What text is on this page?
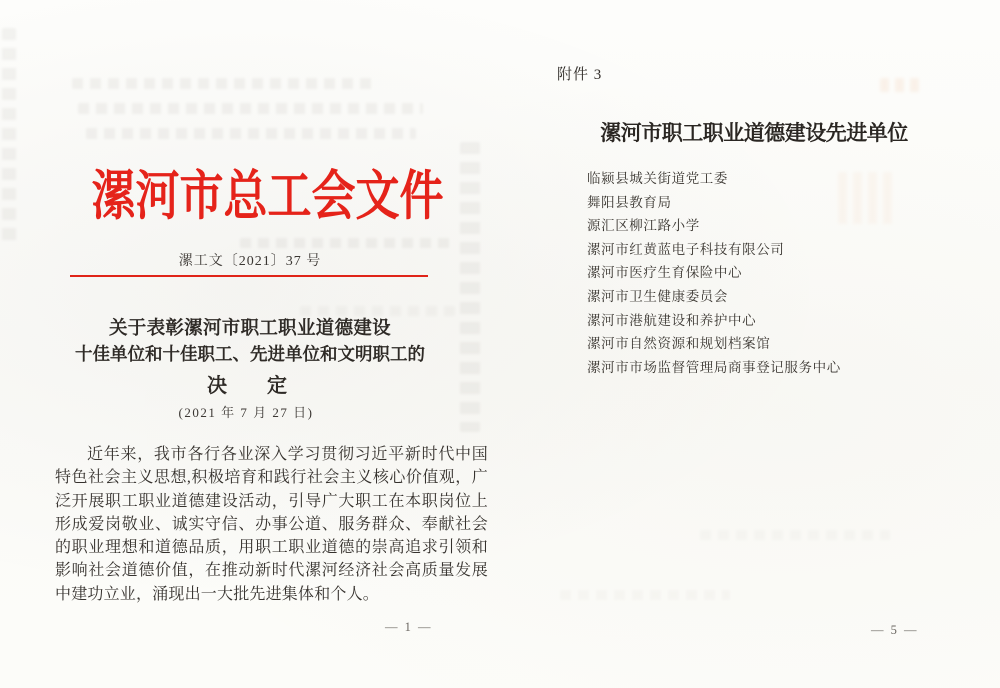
漯河市总工会文件
漯工文〔2021〕37 号
关于表彰漯河市职工职业道德建设
十佳单位和十佳职工、先进单位和文明职工的
决　　定
(2021 年 7 月 27 日)
近年来，我市各行各业深入学习贯彻习近平新时代中国特色社会主义思想,积极培育和践行社会主义核心价值观，广泛开展职工职业道德建设活动，引导广大职工在本职岗位上形成爱岗敬业、诚实守信、办事公道、服务群众、奉献社会的职业理想和道德品质，用职工职业道德的崇高追求引领和影响社会道德价值，在推动新时代漯河经济社会高质量发展中建功立业，涌现出一大批先进集体和个人。
— 1 —
附件 3
漯河市职工职业道德建设先进单位
临颍县城关街道党工委
舞阳县教育局
源汇区柳江路小学
漯河市红黄蓝电子科技有限公司
漯河市医疗生育保险中心
漯河市卫生健康委员会
漯河市港航建设和养护中心
漯河市自然资源和规划档案馆
漯河市市场监督管理局商事登记服务中心
— 5 —
